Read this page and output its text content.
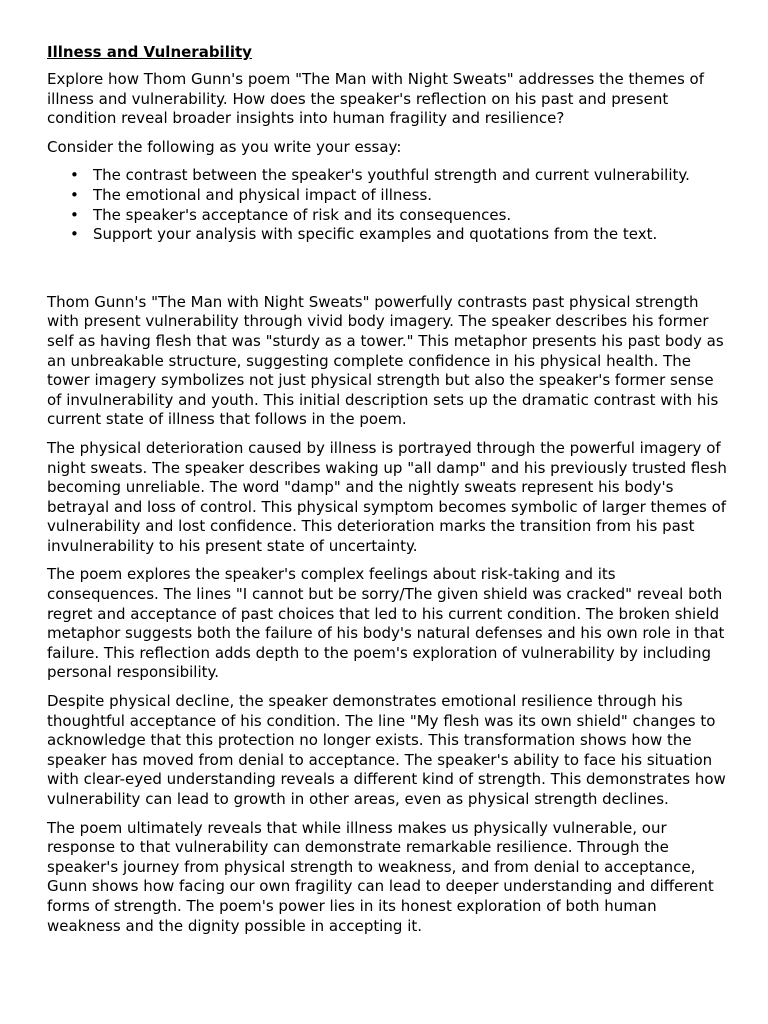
Illness and Vulnerability

Explore how Thom Gunn's poem "The Man with Night Sweats" addresses the themes of illness and vulnerability. How does the speaker's reflection on his past and present condition reveal broader insights into human fragility and resilience?

Consider the following as you write your essay:

• The contrast between the speaker's youthful strength and current vulnerability.
• The emotional and physical impact of illness.
• The speaker's acceptance of risk and its consequences.
• Support your analysis with specific examples and quotations from the text.

Thom Gunn's "The Man with Night Sweats" powerfully contrasts past physical strength with present vulnerability through vivid body imagery. The speaker describes his former self as having flesh that was "sturdy as a tower." This metaphor presents his past body as an unbreakable structure, suggesting complete confidence in his physical health. The tower imagery symbolizes not just physical strength but also the speaker's former sense of invulnerability and youth. This initial description sets up the dramatic contrast with his current state of illness that follows in the poem.

The physical deterioration caused by illness is portrayed through the powerful imagery of night sweats. The speaker describes waking up "all damp" and his previously trusted flesh becoming unreliable. The word "damp" and the nightly sweats represent his body's betrayal and loss of control. This physical symptom becomes symbolic of larger themes of vulnerability and lost confidence. This deterioration marks the transition from his past invulnerability to his present state of uncertainty.

The poem explores the speaker's complex feelings about risk-taking and its consequences. The lines "I cannot but be sorry/The given shield was cracked" reveal both regret and acceptance of past choices that led to his current condition. The broken shield metaphor suggests both the failure of his body's natural defenses and his own role in that failure. This reflection adds depth to the poem's exploration of vulnerability by including personal responsibility.

Despite physical decline, the speaker demonstrates emotional resilience through his thoughtful acceptance of his condition. The line "My flesh was its own shield" changes to acknowledge that this protection no longer exists. This transformation shows how the speaker has moved from denial to acceptance. The speaker's ability to face his situation with clear-eyed understanding reveals a different kind of strength. This demonstrates how vulnerability can lead to growth in other areas, even as physical strength declines.

The poem ultimately reveals that while illness makes us physically vulnerable, our response to that vulnerability can demonstrate remarkable resilience. Through the speaker's journey from physical strength to weakness, and from denial to acceptance, Gunn shows how facing our own fragility can lead to deeper understanding and different forms of strength. The poem's power lies in its honest exploration of both human weakness and the dignity possible in accepting it.
